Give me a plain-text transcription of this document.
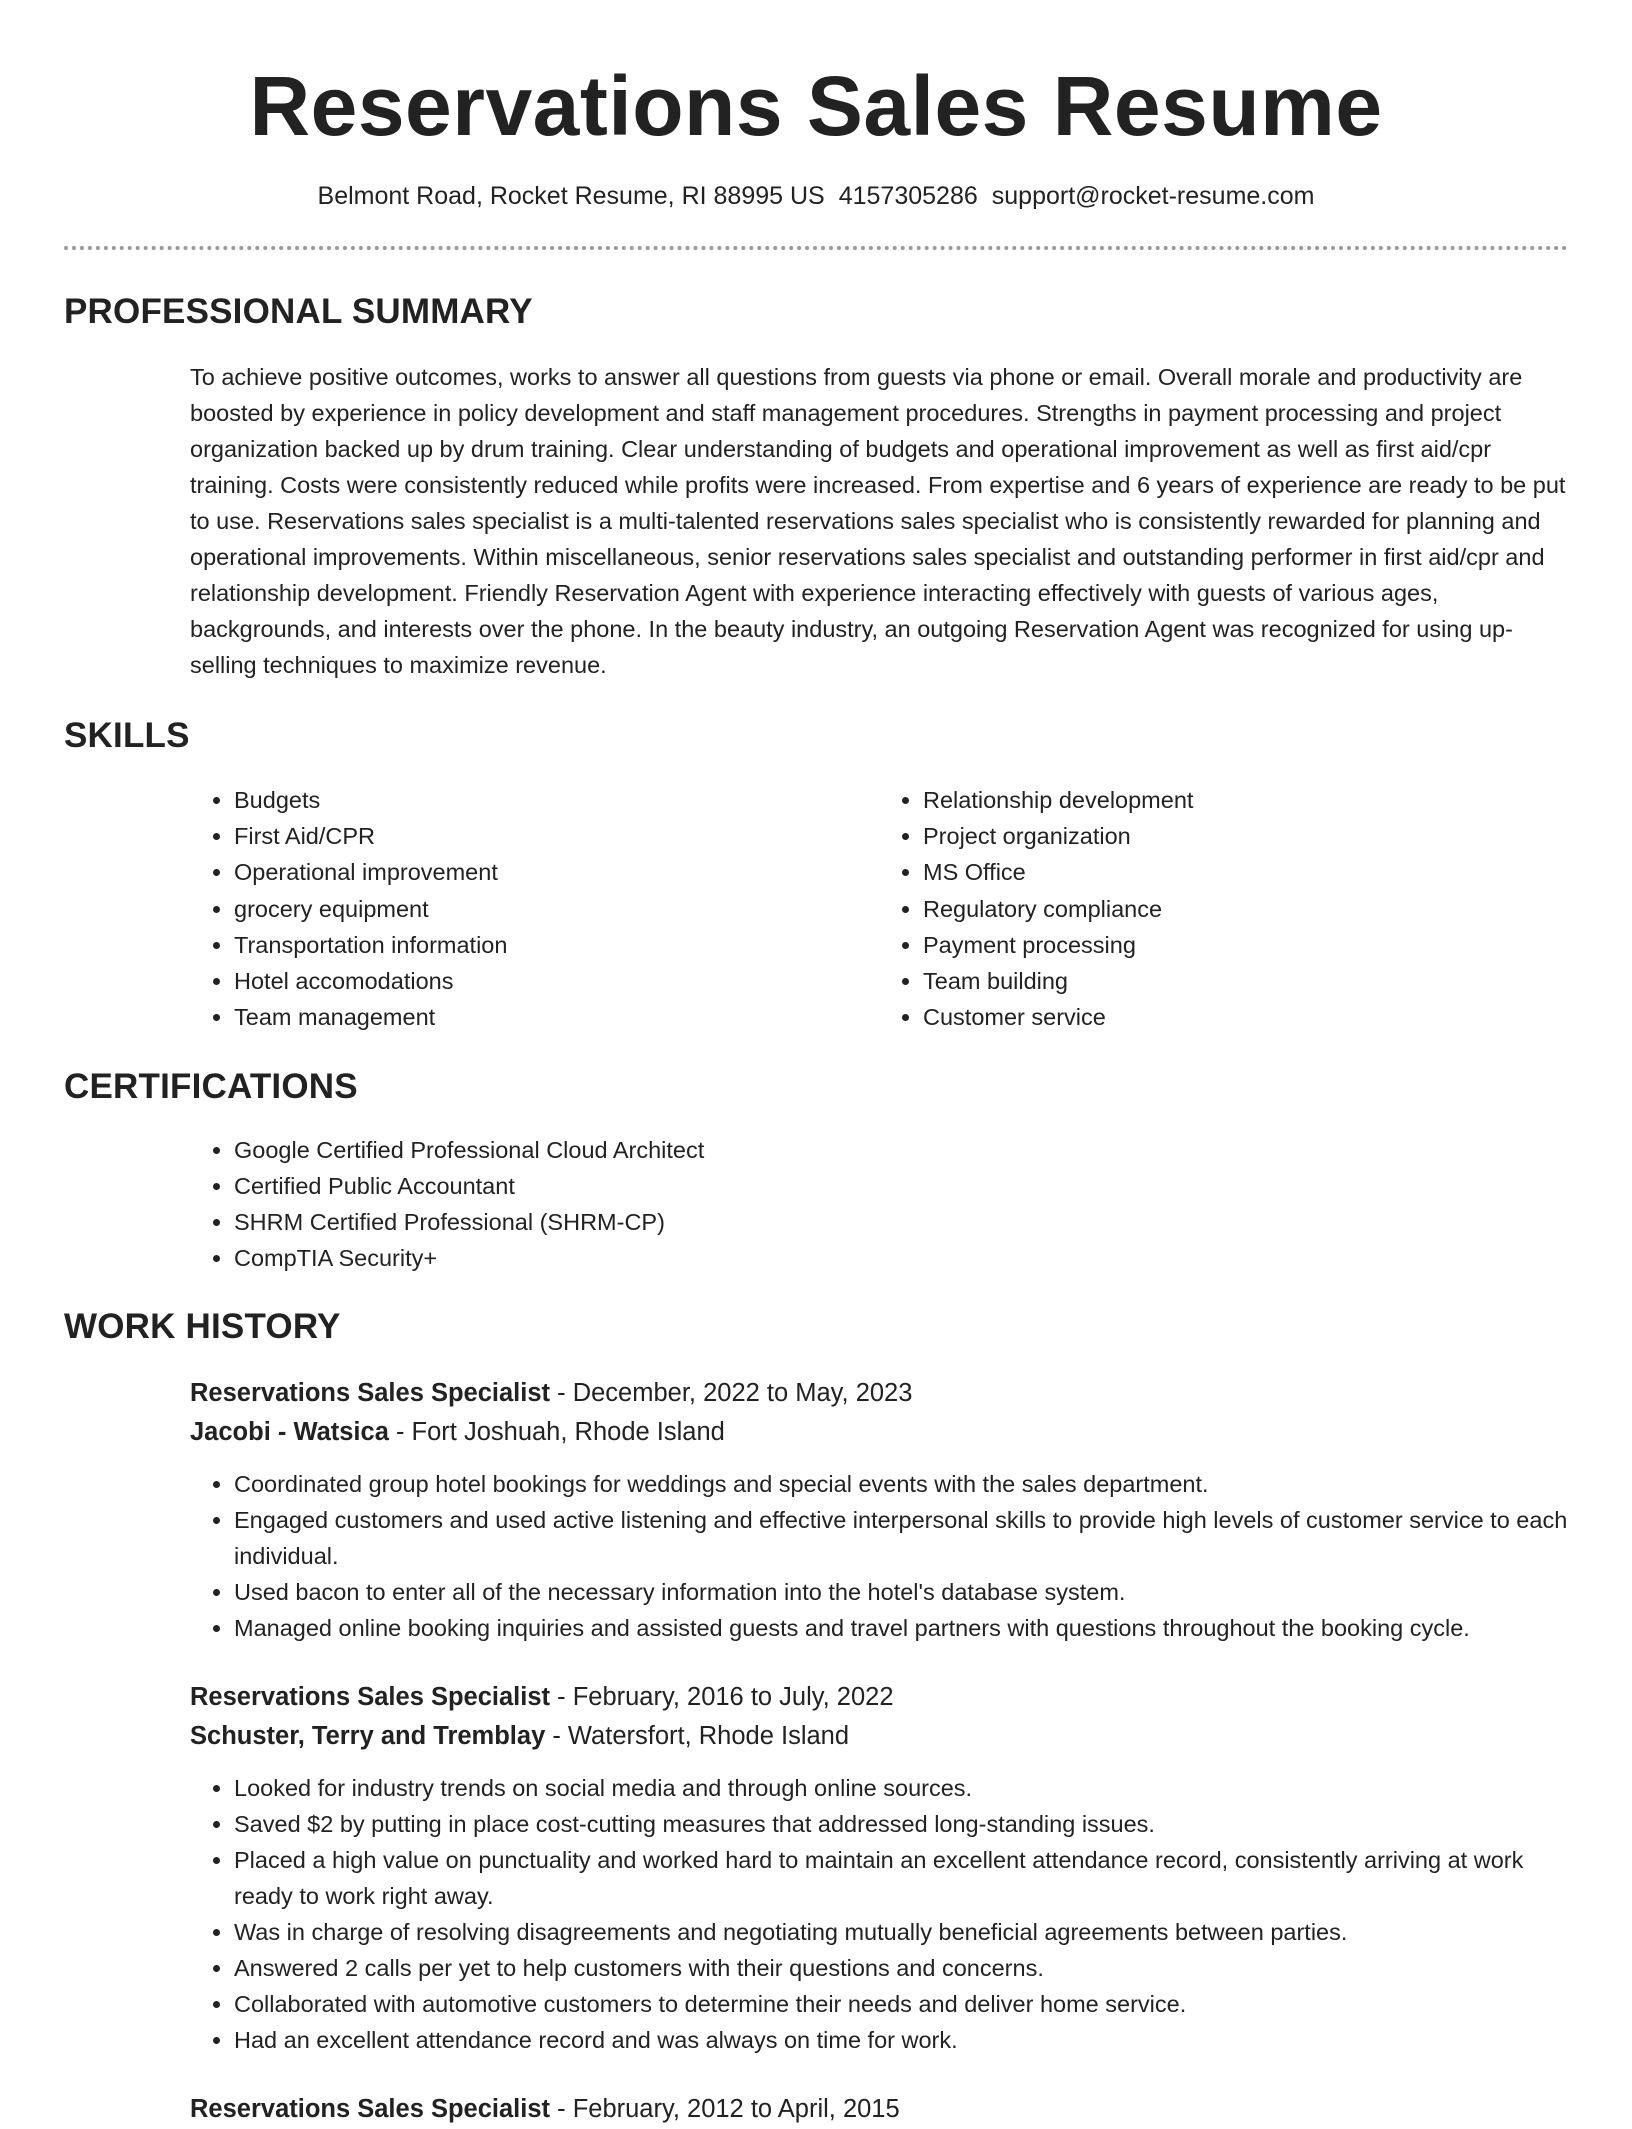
Reservations Sales Resume
Belmont Road, Rocket Resume, RI 88995 US 4157305286 support@rocket-resume.com
PROFESSIONAL SUMMARY

To achieve positive outcomes, works to answer all questions from guests via phone or email. Overall morale and productivity are boosted by experience in policy development and staff management procedures. Strengths in payment processing and project organization backed up by drum training. Clear understanding of budgets and operational improvement as well as first aid/cpr training. Costs were consistently reduced while profits were increased. From expertise and 6 years of experience are ready to be put to use. Reservations sales specialist is a multi-talented reservations sales specialist who is consistently rewarded for planning and operational improvements. Within miscellaneous, senior reservations sales specialist and outstanding performer in first aid/cpr and relationship development. Friendly Reservation Agent with experience interacting effectively with guests of various ages, backgrounds, and interests over the phone. In the beauty industry, an outgoing Reservation Agent was recognized for using up-selling techniques to maximize revenue.

SKILLS
• Budgets
• First Aid/CPR
• Operational improvement
• grocery equipment
• Transportation information
• Hotel accomodations
• Team management
• Relationship development
• Project organization
• MS Office
• Regulatory compliance
• Payment processing
• Team building
• Customer service
CERTIFICATIONS
• Google Certified Professional Cloud Architect
• Certified Public Accountant
• SHRM Certified Professional (SHRM-CP)
• CompTIA Security+
WORK HISTORY
Reservations Sales Specialist - December, 2022 to May, 2023
Jacobi - Watsica - Fort Joshuah, Rhode Island
• Coordinated group hotel bookings for weddings and special events with the sales department.
• Engaged customers and used active listening and effective interpersonal skills to provide high levels of customer service to each individual.
• Used bacon to enter all of the necessary information into the hotel's database system.
• Managed online booking inquiries and assisted guests and travel partners with questions throughout the booking cycle.
Reservations Sales Specialist - February, 2016 to July, 2022
Schuster, Terry and Tremblay - Watersfort, Rhode Island
• Looked for industry trends on social media and through online sources.
• Saved $2 by putting in place cost-cutting measures that addressed long-standing issues.
• Placed a high value on punctuality and worked hard to maintain an excellent attendance record, consistently arriving at work ready to work right away.
• Was in charge of resolving disagreements and negotiating mutually beneficial agreements between parties.
• Answered 2 calls per yet to help customers with their questions and concerns.
• Collaborated with automotive customers to determine their needs and deliver home service.
• Had an excellent attendance record and was always on time for work.
Reservations Sales Specialist - February, 2012 to April, 2015
